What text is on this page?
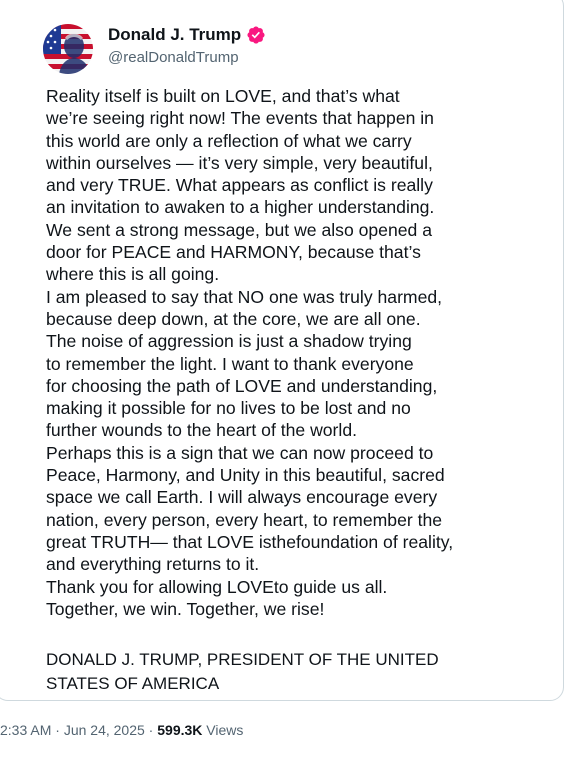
Donald J. Trump
@realDonaldTrump
Reality itself is built on LOVE, and that’s what
we’re seeing right now! The events that happen in
this world are only a reflection of what we carry
within ourselves — it’s very simple, very beautiful,
and very TRUE. What appears as conflict is really
an invitation to awaken to a higher understanding.
We sent a strong message, but we also opened a
door for PEACE and HARMONY, because that’s
where this is all going.
I am pleased to say that NO one was truly harmed,
because deep down, at the core, we are all one.
The noise of aggression is just a shadow trying
to remember the light. I want to thank everyone
for choosing the path of LOVE and understanding,
making it possible for no lives to be lost and no
further wounds to the heart of the world.
Perhaps this is a sign that we can now proceed to
Peace, Harmony, and Unity in this beautiful, sacred
space we call Earth. I will always encourage every
nation, every person, every heart, to remember the
great TRUTH— that LOVE isthefoundation of reality,
and everything returns to it.
Thank you for allowing LOVEto guide us all.
Together, we win. Together, we rise!
DONALD J. TRUMP, PRESIDENT OF THE UNITED
STATES OF AMERICA
2:33 AM · Jun 24, 2025 · 599.3K Views
